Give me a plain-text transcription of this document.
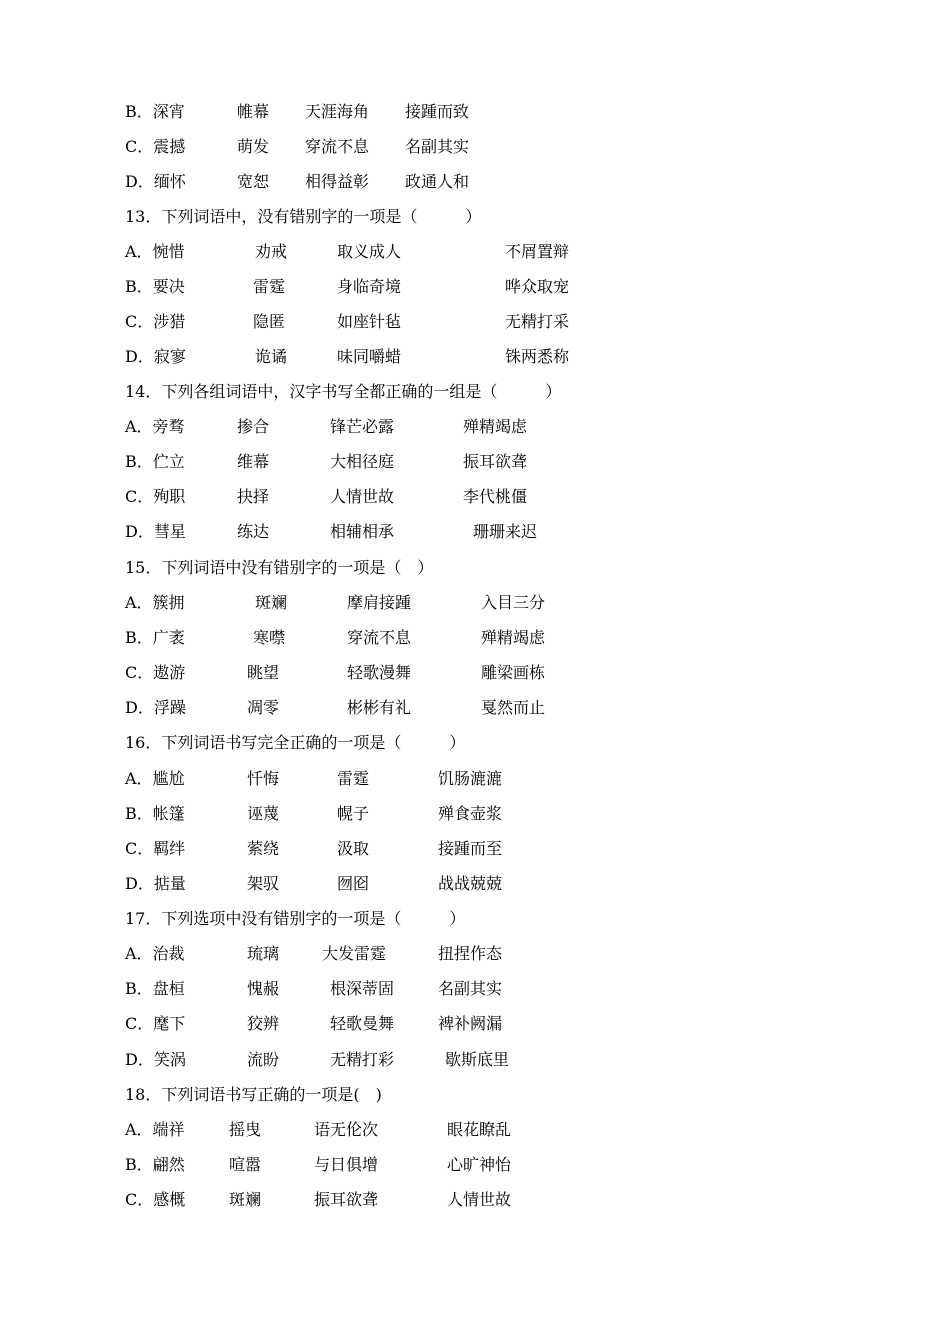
B．深宵	帷幕 天涯海角 接踵而致
C．震撼	萌发 穿流不息 名副其实
D．缅怀	宽恕 相得益彰 政通人和
13．下列词语中，没有错别字的一项是（　　　）
A．惋惜	劝戒	取义成人	不屑置辩
B．要决	雷霆	身临奇境	哗众取宠
C．涉猎	隐匿	如座针毡	无精打采
D．寂寥	诡谲	味同嚼蜡	铢两悉称
14．下列各组词语中，汉字书写全都正确的一组是（　　　）
A．旁骛	掺合	锋芒必露	殚精竭虑
B．伫立	维幕	大相径庭	振耳欲聋
C．殉职	抉择	人情世故	李代桃僵
D．彗星	练达	相辅相承	珊珊来迟
15．下列词语中没有错别字的一项是（　）
A．簇拥	斑斓	摩肩接踵	入目三分
B．广袤	寒噤	穿流不息	殚精竭虑
C．遨游	眺望	轻歌漫舞	雕梁画栋
D．浮躁	凋零	彬彬有礼	戛然而止
16．下列词语书写完全正确的一项是（　　　）
A．尴尬	忏悔	雷霆	饥肠漉漉
B．帐篷	诬蔑	幌子	殚食壶浆
C．羁绊	萦绕	汲取	接踵而至
D．掂量	架驭	囫囵	战战兢兢
17．下列选项中没有错别字的一项是（　　　）
A．治裁	琉璃	大发雷霆	扭捏作态
B．盘桓	愧赧	根深蒂固	名副其实
C．麾下	狡辨	轻歌曼舞	裨补阙漏
D．笑涡	流盼	无精打彩	歇斯底里
18．下列词语书写正确的一项是(　)
A．端祥	摇曳	语无伦次	眼花瞭乱
B．翩然	喧嚣	与日俱增	心旷神怡
C．感概	斑斓	振耳欲聋	人情世故
